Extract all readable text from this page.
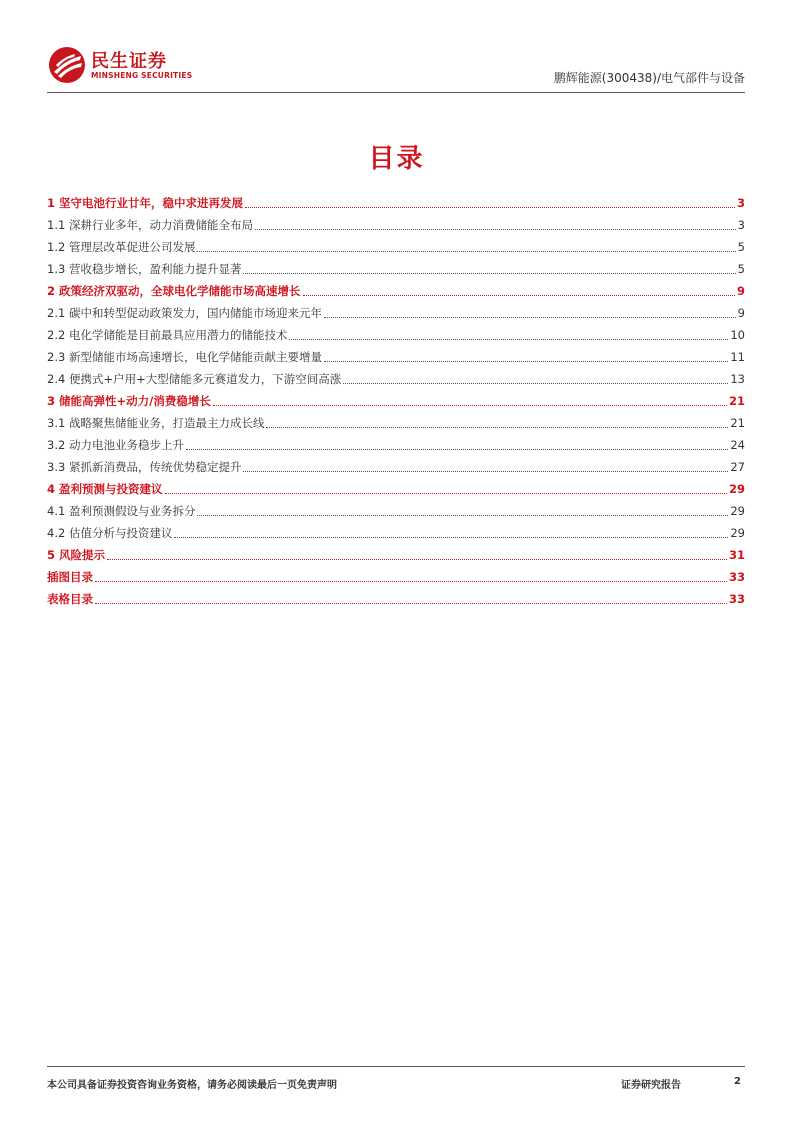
民生证券
MINSHENG SECURITIES	鹏辉能源(300438)/电气部件与设备
目录
1 坚守电池行业廿年，稳中求进再发展	3
1.1 深耕行业多年，动力消费储能全布局	3
1.2 管理层改革促进公司发展	5
1.3 营收稳步增长，盈利能力提升显著	5
2 政策经济双驱动，全球电化学储能市场高速增长	9
2.1 碳中和转型促动政策发力，国内储能市场迎来元年	9
2.2 电化学储能是目前最具应用潜力的储能技术	10
2.3 新型储能市场高速增长，电化学储能贡献主要增量	11
2.4 便携式+户用+大型储能多元赛道发力，下游空间高涨	13
3 储能高弹性+动力/消费稳增长	21
3.1 战略聚焦储能业务，打造最主力成长线	21
3.2 动力电池业务稳步上升	24
3.3 紧抓新消费品，传统优势稳定提升	27
4 盈利预测与投资建议	29
4.1 盈利预测假设与业务拆分	29
4.2 估值分析与投资建议	29
5 风险提示	31
插图目录	33
表格目录	33
本公司具备证券投资咨询业务资格，请务必阅读最后一页免责声明	证券研究报告	2
